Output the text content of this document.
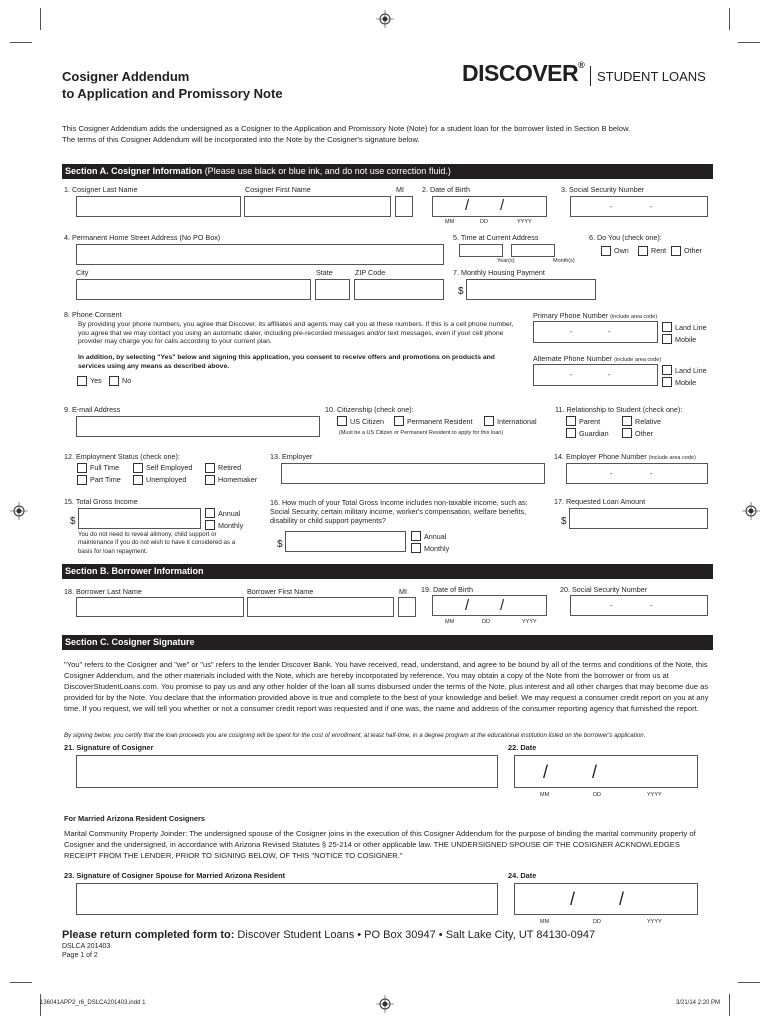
Cosigner Addendum
to Application and Promissory Note
DISCOVER®
STUDENT LOANS
This Cosigner Addendum adds the undersigned as a Cosigner to the Application and Promissory Note (Note) for a student loan for the borrower listed in Section B below.
The terms of this Cosigner Addendum will be incorporated into the Note by the Cosigner's signature below.
Section A. Cosigner Information (Please use black or blue ink, and do not use correction fluid.)
1. Cosigner Last Name	Cosigner First Name	MI	2. Date of Birth	3. Social Security Number
/ /	-	-
MM	DD	YYYY
4. Permanent Home Street Address (No PO Box)	5. Time at Current Address	6. Do You (check one):
Year(s)	Month(s)
Own	Rent Other
City	State	ZIP Code	7. Monthly Housing Payment
$
8. Phone Consent
By providing your phone numbers, you agree that Discover, its affiliates and agents may call you at these numbers. If this is a cell phone number, you agree that we may contact you using an automatic dialer, including pre-recorded messages and/or text messages, even if your cell phone provider may charge you for calls according to your current plan.
In addition, by selecting "Yes" below and signing this application, you consent to receive offers and promotions on products and services using any means as described above.
Yes	No
Primary Phone Number (include area code)
-	-	Land Line
Mobile
Alternate Phone Number (include area code)
-	-	Land Line
Mobile
9. E-mail Address	10. Citizenship (check one):
US Citizen	Permanent Resident	International
(Must be a US Citizen or Permanent Resident to apply for this loan)
11. Relationship to Student (check one):
Parent	Relative
Guardian	Other
12. Employment Status (check one):
Full Time	Self Employed	Retired
Part Time	Unemployed	Homemaker
13. Employer	14. Employer Phone Number (include area code)
-	-
15. Total Gross Income
$
Annual
Monthly
You do not need to reveal alimony, child support or maintenance if you do not wish to have it considered as a basis for loan repayment.
16. How much of your Total Gross Income includes non-taxable income, such as: Social Security, certain military income, worker's compensation, welfare benefits, disability or child support payments?
$
Annual
Monthly
17. Requested Loan Amount
$
Section B. Borrower Information
18. Borrower Last Name	Borrower First Name	MI 19. Date of Birth	20. Social Security Number
/ /	-	-
MM	DD	YYYY
Section C. Cosigner Signature
"You" refers to the Cosigner and "we" or "us" refers to the lender Discover Bank. You have received, read, understand, and agree to be bound by all of the terms and conditions of the Note, this Cosigner Addendum, and the other materials included with the Note, which are hereby incorporated by reference. You may obtain a copy of the Note from the borrower or from us at DiscoverStudentLoans.com. You promise to pay us and any other holder of the loan all sums disbursed under the terms of the Note, plus interest and all other charges that may become due as provided for by the Note. You declare that the information provided above is true and complete to the best of your knowledge and belief. We may request a consumer credit report on you at any time. If you request, we will tell you whether or not a consumer credit report was requested and if one was, the name and address of the consumer reporting agency that furnished the report.
By signing below, you certify that the loan proceeds you are cosigning will be spent for the cost of enrollment, at least half-time, in a degree program at the educational institution listed on the borrower's application.
21. Signature of Cosigner	22. Date
/ /
MM	DD	YYYY
For Married Arizona Resident Cosigners
Marital Community Property Joinder: The undersigned spouse of the Cosigner joins in the execution of this Cosigner Addendum for the purpose of binding the marital community property of Cosigner and the undersigned, in accordance with Arizona Revised Statutes § 25-214 or other applicable law. THE UNDERSIGNED SPOUSE OF THE COSIGNER ACKNOWLEDGES RECEIPT FROM THE LENDER, PRIOR TO SIGNING BELOW, OF THIS "NOTICE TO COSIGNER."
23. Signature of Cosigner Spouse for Married Arizona Resident	24. Date
/ /
MM	DD	YYYY
Please return completed form to: Discover Student Loans • PO Box 30947 • Salt Lake City, UT 84130-0947
DSLCA 201403
Page 1 of 2
136041APP2_r6_DSLCA201403.indd 1	3/21/14 2:20 PM
